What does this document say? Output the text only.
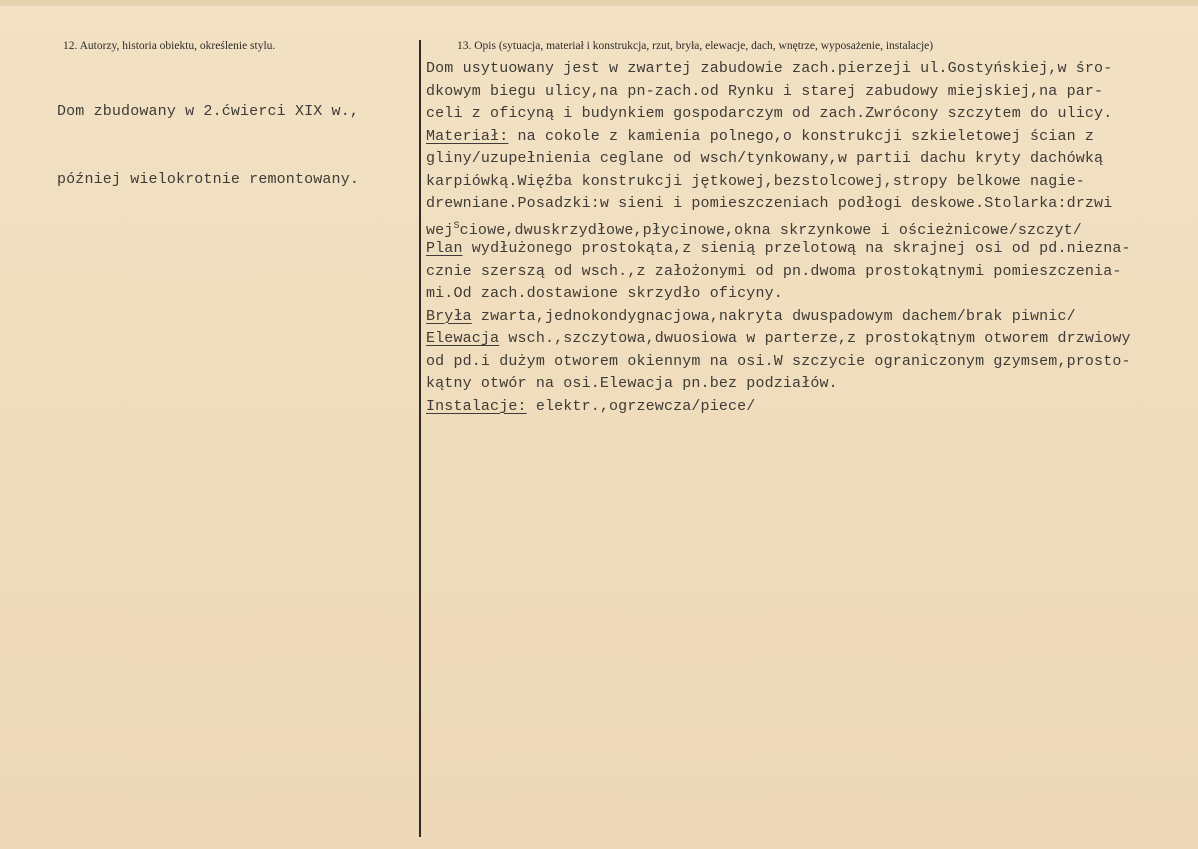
12. Autorzy, historia obiektu, określenie stylu.	13. Opis (sytuacja, materiał i konstrukcja, rzut, bryła, elewacje, dach, wnętrze, wyposażenie, instalacje)

Dom zbudowany w 2.ćwierci XIX w.,

później wielokrotnie remontowany.

Dom usytuowany jest w zwartej zabudowie zach.pierzeji ul.Gostyńskiej,w śro-
dkowym biegu ulicy,na pn-zach.od Rynku i starej zabudowy miejskiej,na par-
celi z oficyną i budynkiem gospodarczym od zach.Zwrócony szczytem do ulicy.
Materiał: na cokole z kamienia polnego,o konstrukcji szkieletowej ścian z
gliny/uzupełnienia ceglane od wsch/tynkowany,w partii dachu kryty dachówką
karpiówką.Więźba konstrukcji jętkowej,bezstolcowej,stropy belkowe nagie-
drewniane.Posadzki:w sieni i pomieszczeniach podłogi deskowe.Stolarka:drzwi
wej$^S$ciowe,dwuskrzydłowe,płycinowe,okna skrzynkowe i ościeżnicowe/szczyt/
Plan wydłużonego prostokąta,z sienią przelotową na skrajnej osi od pd.niezna-
cznie szerszą od wsch.,z założonymi od pn.dwoma prostokątnymi pomieszczenia-
mi.Od zach.dostawione skrzydło oficyny.
Bryła zwarta,jednokondygnacjowa,nakryta dwuspadowym dachem/brak piwnic/
Elewacja wsch.,szczytowa,dwuosiowa w parterze,z prostokątnym otworem drzwiowy
od pd.i dużym otworem okiennym na osi.W szczycie ograniczonym gzymsem,prosto-
kątny otwór na osi.Elewacja pn.bez podziałów.
Instalacje: elektr.,ogrzewcza/piece/
